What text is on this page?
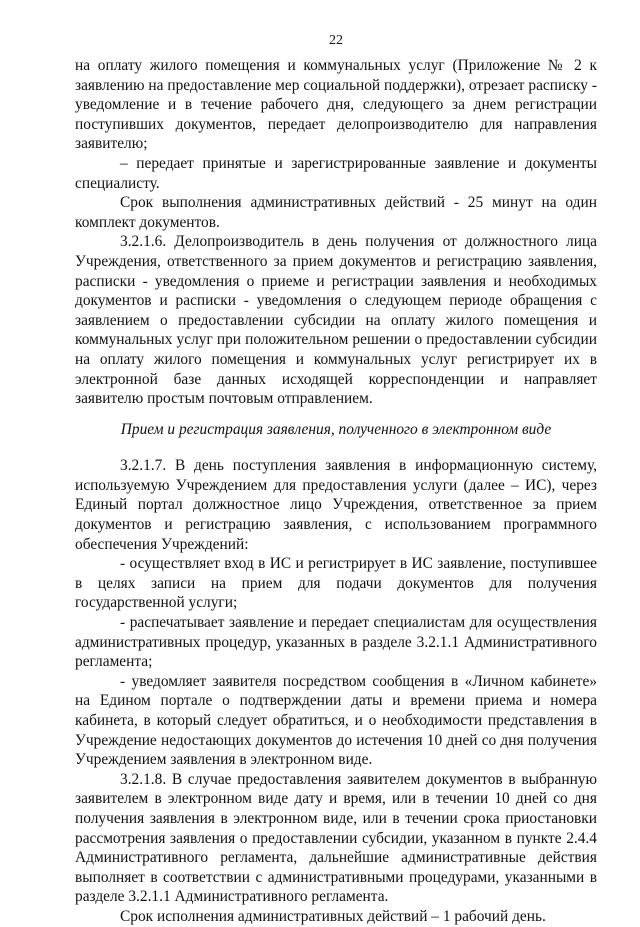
22

на оплату жилого помещения и коммунальных услуг (Приложение № 2 к заявлению на предоставление мер социальной поддержки), отрезает расписку - уведомление и в течение рабочего дня, следующего за днем регистрации поступивших документов, передает делопроизводителю для направления заявителю;

– передает принятые и зарегистрированные заявление и документы специалисту.

Срок выполнения административных действий - 25 минут на один комплект документов.

3.2.1.6. Делопроизводитель в день получения от должностного лица Учреждения, ответственного за прием документов и регистрацию заявления, расписки - уведомления о приеме и регистрации заявления и необходимых документов и расписки - уведомления о следующем периоде обращения с заявлением о предоставлении субсидии на оплату жилого помещения и коммунальных услуг при положительном решении о предоставлении субсидии на оплату жилого помещения и коммунальных услуг регистрирует их в электронной базе данных исходящей корреспонденции и направляет заявителю простым почтовым отправлением.

Прием и регистрация заявления, полученного в электронном виде

3.2.1.7. В день поступления заявления в информационную систему, используемую Учреждением для предоставления услуги (далее – ИС), через Единый портал должностное лицо Учреждения, ответственное за прием документов и регистрацию заявления, с использованием программного обеспечения Учреждений:

- осуществляет вход в ИС и регистрирует в ИС заявление, поступившее в целях записи на прием для подачи документов для получения государственной услуги;

- распечатывает заявление и передает специалистам для осуществления административных процедур, указанных в разделе 3.2.1.1 Административного регламента;

- уведомляет заявителя посредством сообщения в «Личном кабинете» на Едином портале о подтверждении даты и времени приема и номера кабинета, в который следует обратиться, и о необходимости представления в Учреждение недостающих документов до истечения 10 дней со дня получения Учреждением заявления в электронном виде.

3.2.1.8. В случае предоставления заявителем документов в выбранную заявителем в электронном виде дату и время, или в течении 10 дней со дня получения заявления в электронном виде, или в течении срока приостановки рассмотрения заявления о предоставлении субсидии, указанном в пункте 2.4.4 Административного регламента, дальнейшие административные действия выполняет в соответствии с административными процедурами, указанными в разделе 3.2.1.1 Административного регламента.

Срок исполнения административных действий – 1 рабочий день.
